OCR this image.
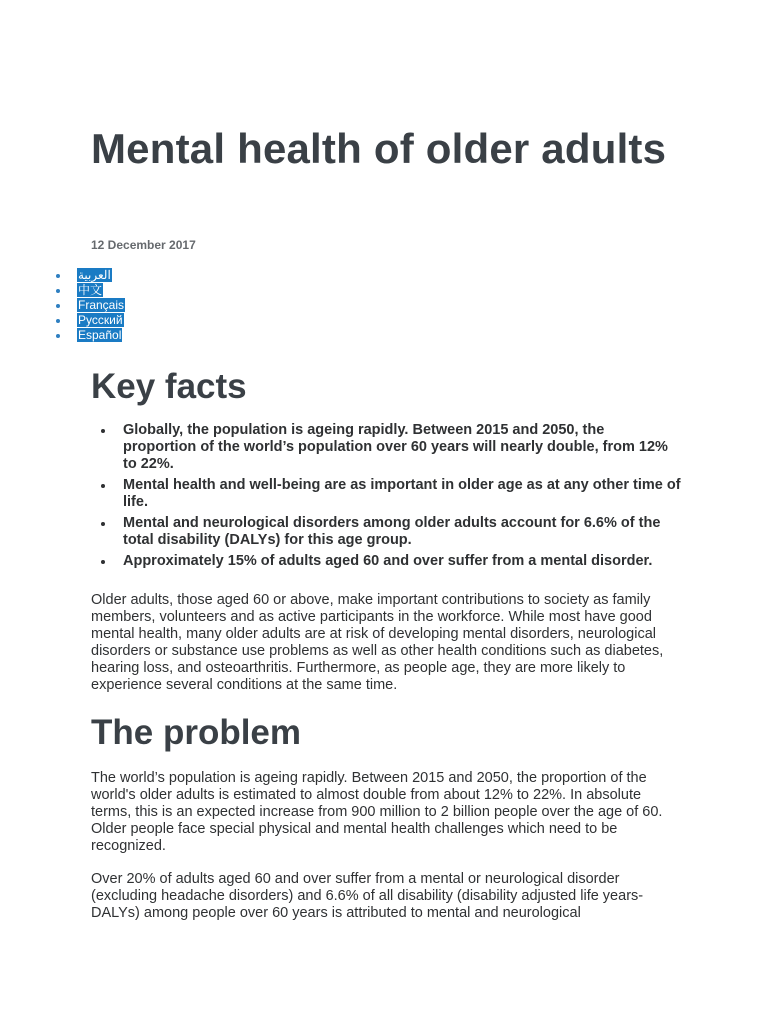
Mental health of older adults
12 December 2017
العربية
中文
Français
Русский
Español
Key facts
Globally, the population is ageing rapidly. Between 2015 and 2050, the proportion of the world’s population over 60 years will nearly double, from 12% to 22%.
Mental health and well-being are as important in older age as at any other time of life.
Mental and neurological disorders among older adults account for 6.6% of the total disability (DALYs) for this age group.
Approximately 15% of adults aged 60 and over suffer from a mental disorder.

Older adults, those aged 60 or above, make important contributions to society as family members, volunteers and as active participants in the workforce. While most have good mental health, many older adults are at risk of developing mental disorders, neurological disorders or substance use problems as well as other health conditions such as diabetes, hearing loss, and osteoarthritis. Furthermore, as people age, they are more likely to experience several conditions at the same time.

The problem

The world’s population is ageing rapidly. Between 2015 and 2050, the proportion of the world's older adults is estimated to almost double from about 12% to 22%. In absolute terms, this is an expected increase from 900 million to 2 billion people over the age of 60. Older people face special physical and mental health challenges which need to be recognized.

Over 20% of adults aged 60 and over suffer from a mental or neurological disorder (excluding headache disorders) and 6.6% of all disability (disability adjusted life years-DALYs) among people over 60 years is attributed to mental and neurological
